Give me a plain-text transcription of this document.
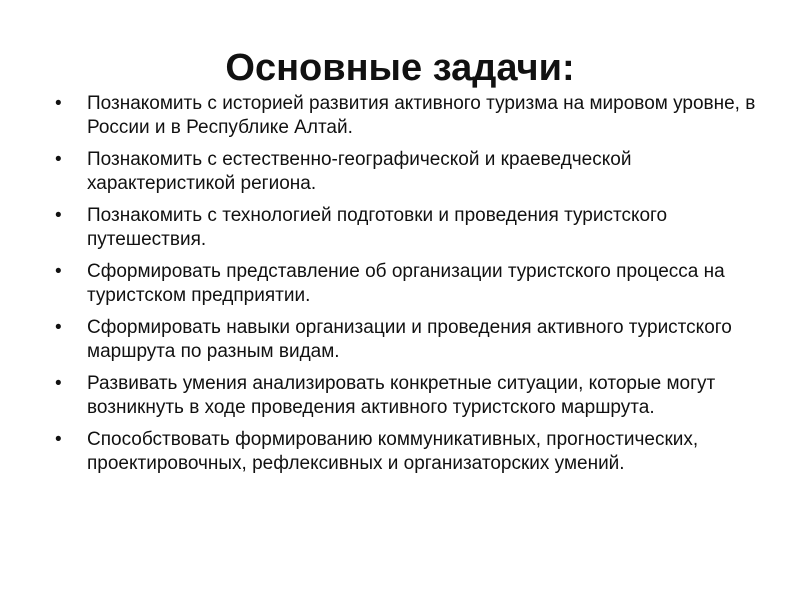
Основные задачи:
•	Познакомить с историей развития активного туризма на мировом уровне, в России и в Республике Алтай.
•	Познакомить с естественно-географической и краеведческой характеристикой региона.
•	Познакомить с технологией подготовки и проведения туристского путешествия.
•	Сформировать представление об организации туристского процесса на туристском предприятии.
•	Сформировать навыки организации и проведения активного туристского маршрута по разным видам.
•	Развивать умения анализировать конкретные ситуации, которые могут возникнуть в ходе проведения активного туристского маршрута.
•	Способствовать формированию коммуникативных, прогностических, проектировочных, рефлексивных и организаторских умений.
